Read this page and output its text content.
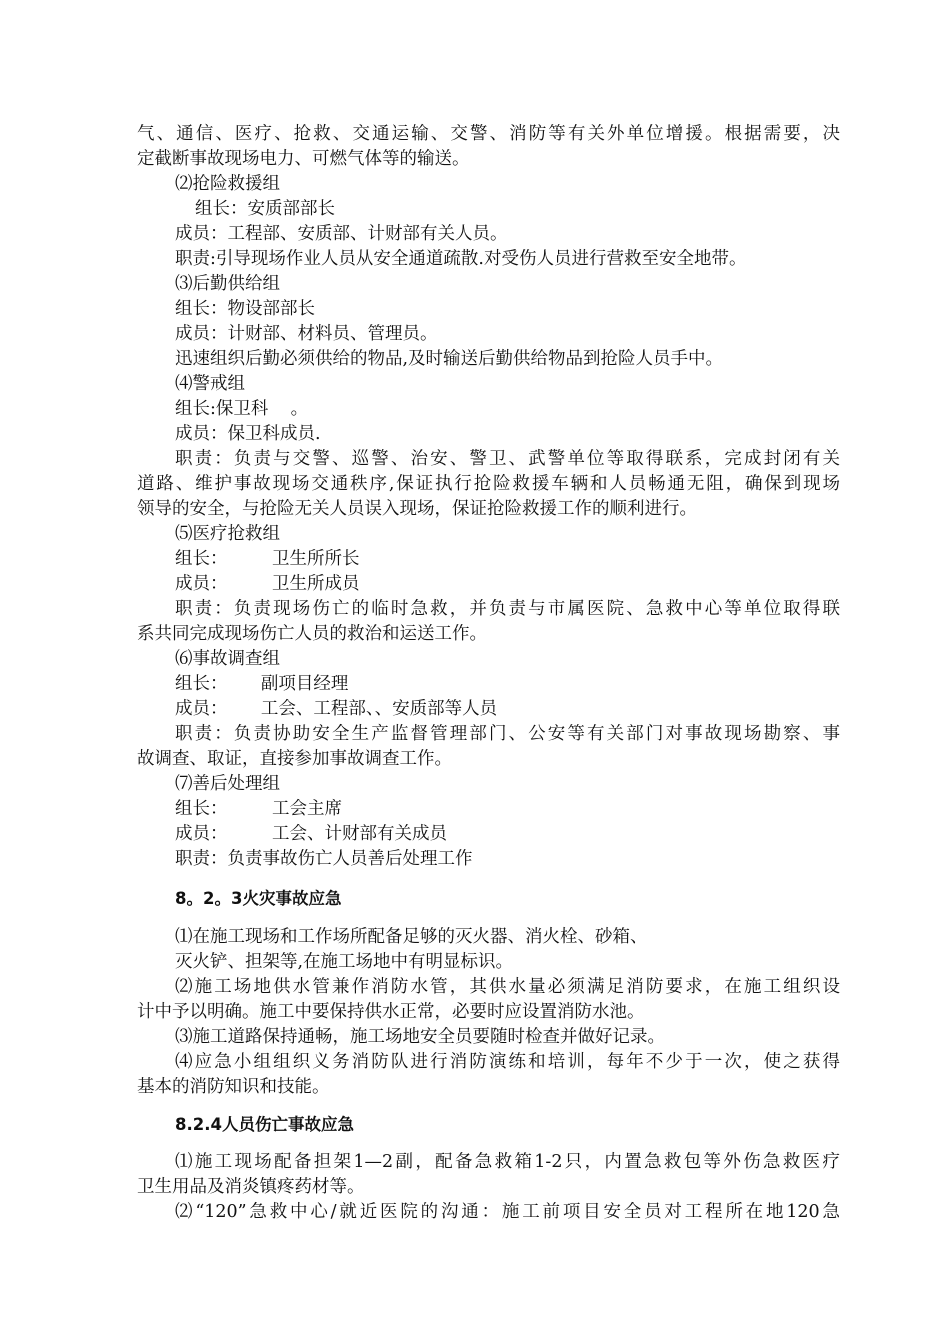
气、通信、医疗、抢救、交通运输、交警、消防等有关外单位增援。根据需要，决
定截断事故现场电力、可燃气体等的输送。
⑵抢险救援组
组长：安质部部长
成员：工程部、安质部、计财部有关人员。
职责:引导现场作业人员从安全通道疏散.对受伤人员进行营救至安全地带。
⑶后勤供给组
组长：物设部部长
成员：计财部、材料员、管理员。
迅速组织后勤必须供给的物品,及时输送后勤供给物品到抢险人员手中。
⑷警戒组
组长:保卫科    。
成员：保卫科成员.
职责：负责与交警、巡警、治安、警卫、武警单位等取得联系，完成封闭有关
道路、维护事故现场交通秩序,保证执行抢险救援车辆和人员畅通无阻，确保到现场
领导的安全，与抢险无关人员误入现场，保证抢险救援工作的顺利进行。
⑸医疗抢救组
组长：        卫生所所长
成员：        卫生所成员
职责：负责现场伤亡的临时急救，并负责与市属医院、急救中心等单位取得联
系共同完成现场伤亡人员的救治和运送工作。
⑹事故调查组
组长：      副项目经理
成员：      工会、工程部、、安质部等人员
职责：负责协助安全生产监督管理部门、公安等有关部门对事故现场勘察、事
故调查、取证，直接参加事故调查工作。
⑺善后处理组
组长：        工会主席
成员：        工会、计财部有关成员
职责：负责事故伤亡人员善后处理工作
8。2。3火灾事故应急
⑴在施工现场和工作场所配备足够的灭火器、消火栓、砂箱、
灭火铲、担架等,在施工场地中有明显标识。
⑵施工场地供水管兼作消防水管，其供水量必须满足消防要求，在施工组织设
计中予以明确。施工中要保持供水正常，必要时应设置消防水池。
⑶施工道路保持通畅，施工场地安全员要随时检查并做好记录。
⑷应急小组组织义务消防队进行消防演练和培训，每年不少于一次，使之获得
基本的消防知识和技能。
8.2.4人员伤亡事故应急
⑴施工现场配备担架1—2副，配备急救箱1-2只，内置急救包等外伤急救医疗
卫生用品及消炎镇疼药材等。
⑵“120”急救中心/就近医院的沟通：施工前项目安全员对工程所在地120急
